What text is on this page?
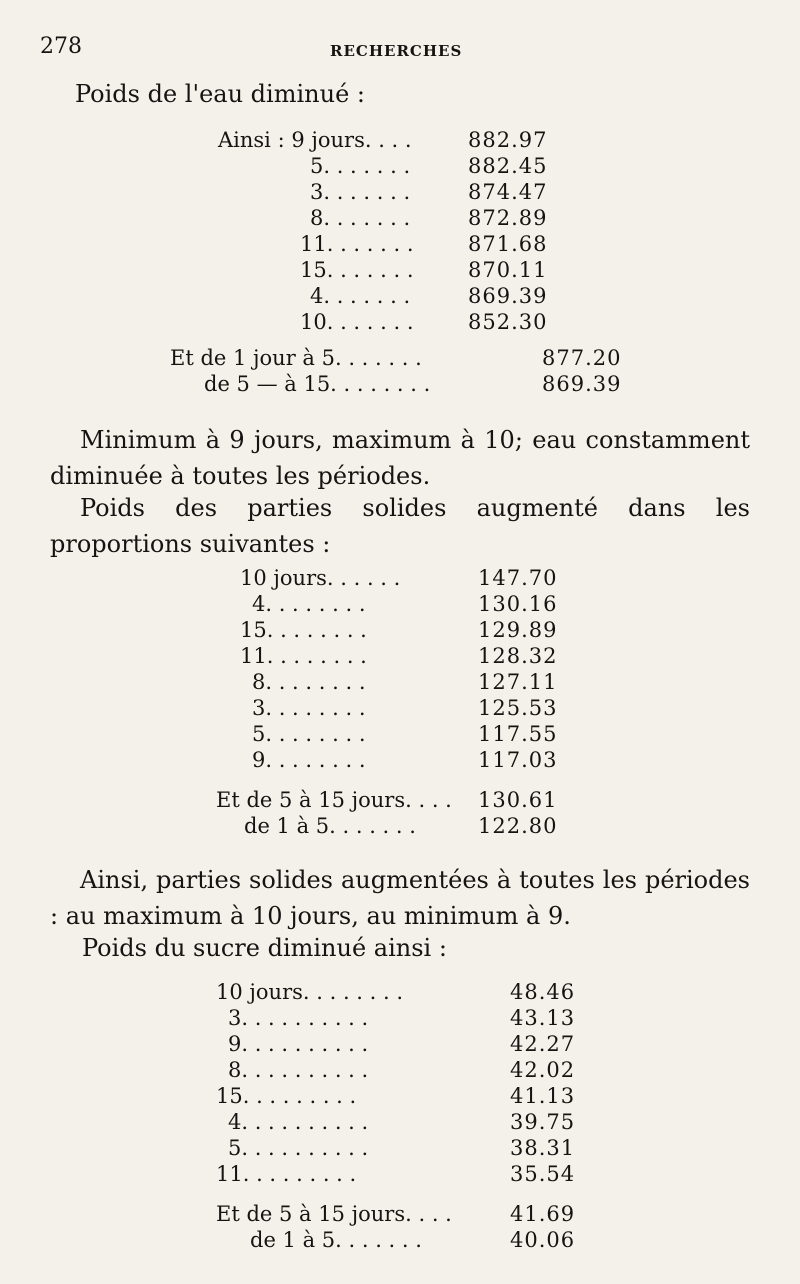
278	RECHERCHES
Poids de l'eau diminué :
Ainsi : 9 jours. . . .	882.97
5. . . . . . .	882.45
3. . . . . . .	874.47
8. . . . . . .	872.89
11. . . . . . .	871.68
15. . . . . . .	870.11
4. . . . . . .	869.39
10. . . . . . .	852.30
Et de 1 jour à 5. . . . . . .	877.20
de 5 — à 15. . . . . . . .	869.39
Minimum à 9 jours, maximum à 10; eau constamment diminuée à toutes les périodes.
Poids des parties solides augmenté dans les proportions suivantes :
10 jours. . . . . .	147.70
4. . . . . . . .	130.16
15. . . . . . . .	129.89
11. . . . . . . .	128.32
8. . . . . . . .	127.11
3. . . . . . . .	125.53
5. . . . . . . .	117.55
9. . . . . . . .	117.03
Et de 5 à 15 jours. . . . 130.61
de 1 à 5. . . . . . .	122.80
Ainsi, parties solides augmentées à toutes les périodes : au maximum à 10 jours, au minimum à 9.
Poids du sucre diminué ainsi :
10 jours. . . . . . . .	48.46
3. . . . . . . . . .	43.13
9. . . . . . . . . .	42.27
8. . . . . . . . . .	42.02
15. . . . . . . . .	41.13
4. . . . . . . . . .	39.75
5. . . . . . . . . .	38.31
11. . . . . . . . .	35.54
Et de 5 à 15 jours. . . .	41.69
de 1 à 5. . . . . . .	40.06
